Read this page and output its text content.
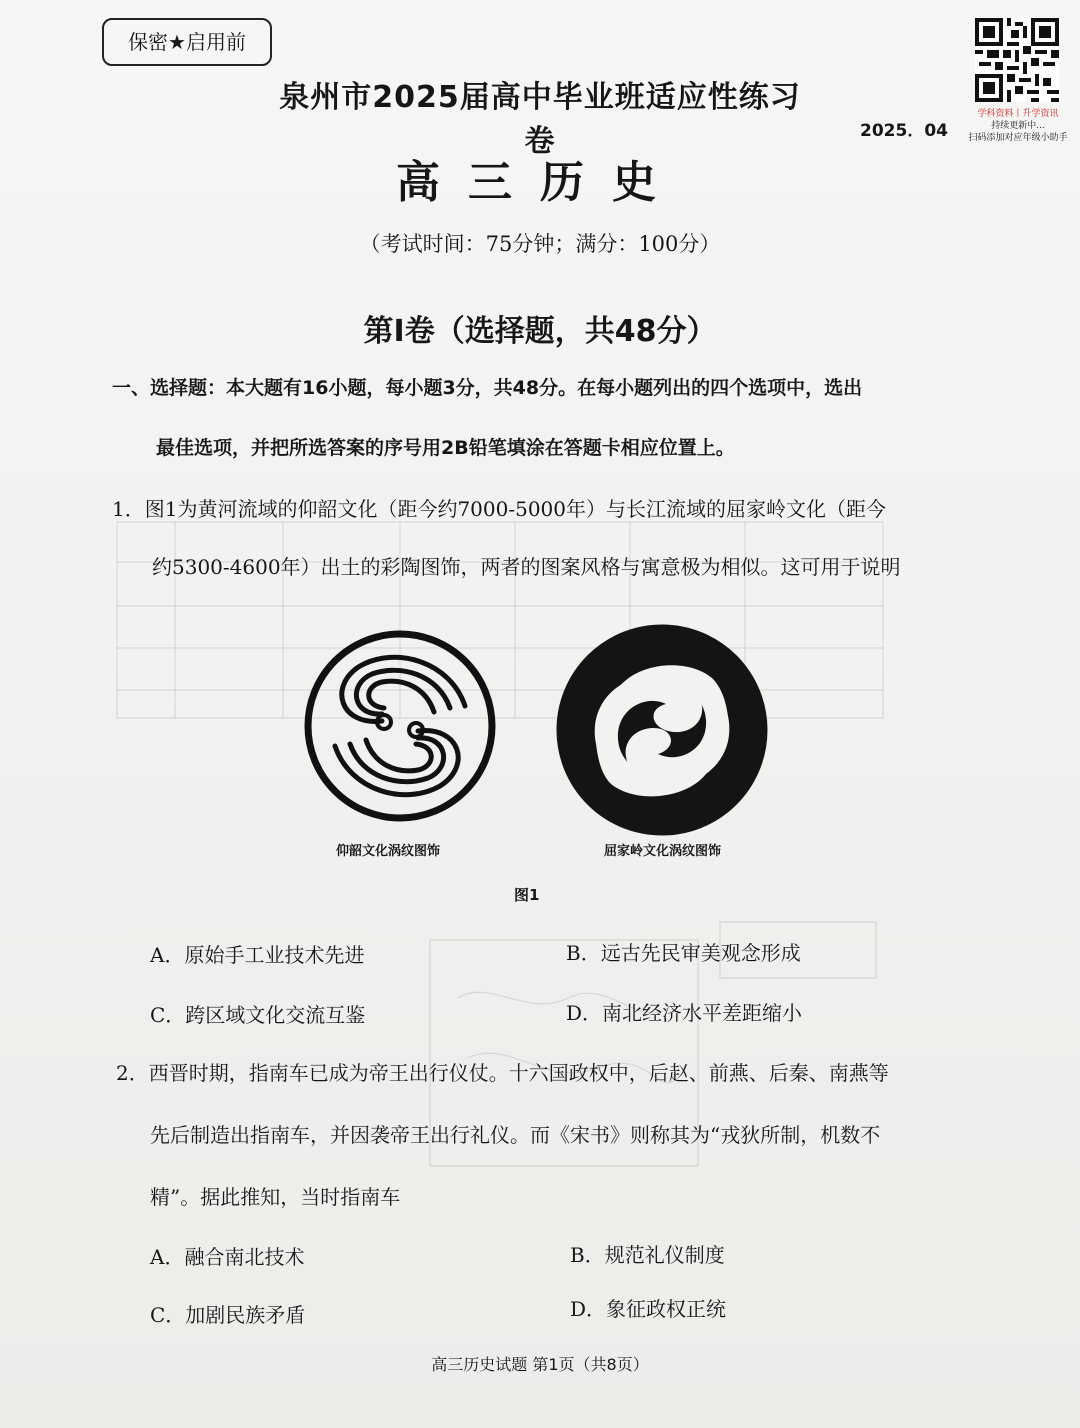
保密★启用前
泉州市2025届高中毕业班适应性练习卷	2025．04
学科资料丨升学资讯
持续更新中...
扫码添加对应年级小助手
高三历史
（考试时间：75分钟；满分：100分）
第Ⅰ卷（选择题，共48分）
一、选择题：本大题有16小题，每小题3分，共48分。在每小题列出的四个选项中，选出
最佳选项，并把所选答案的序号用2B铅笔填涂在答题卡相应位置上。
1．图1为黄河流域的仰韶文化（距今约7000-5000年）与长江流域的屈家岭文化（距今
约5300-4600年）出土的彩陶图饰，两者的图案风格与寓意极为相似。这可用于说明
仰韶文化涡纹图饰	屈家岭文化涡纹图饰
图1
A．原始手工业技术先进	B．远古先民审美观念形成
C．跨区域文化交流互鉴	D．南北经济水平差距缩小
2．西晋时期，指南车已成为帝王出行仪仗。十六国政权中，后赵、前燕、后秦、南燕等
先后制造出指南车，并因袭帝王出行礼仪。而《宋书》则称其为“戎狄所制，机数不
精”。据此推知，当时指南车
A．融合南北技术	B．规范礼仪制度
C．加剧民族矛盾	D．象征政权正统
高三历史试题 第1页（共8页）
